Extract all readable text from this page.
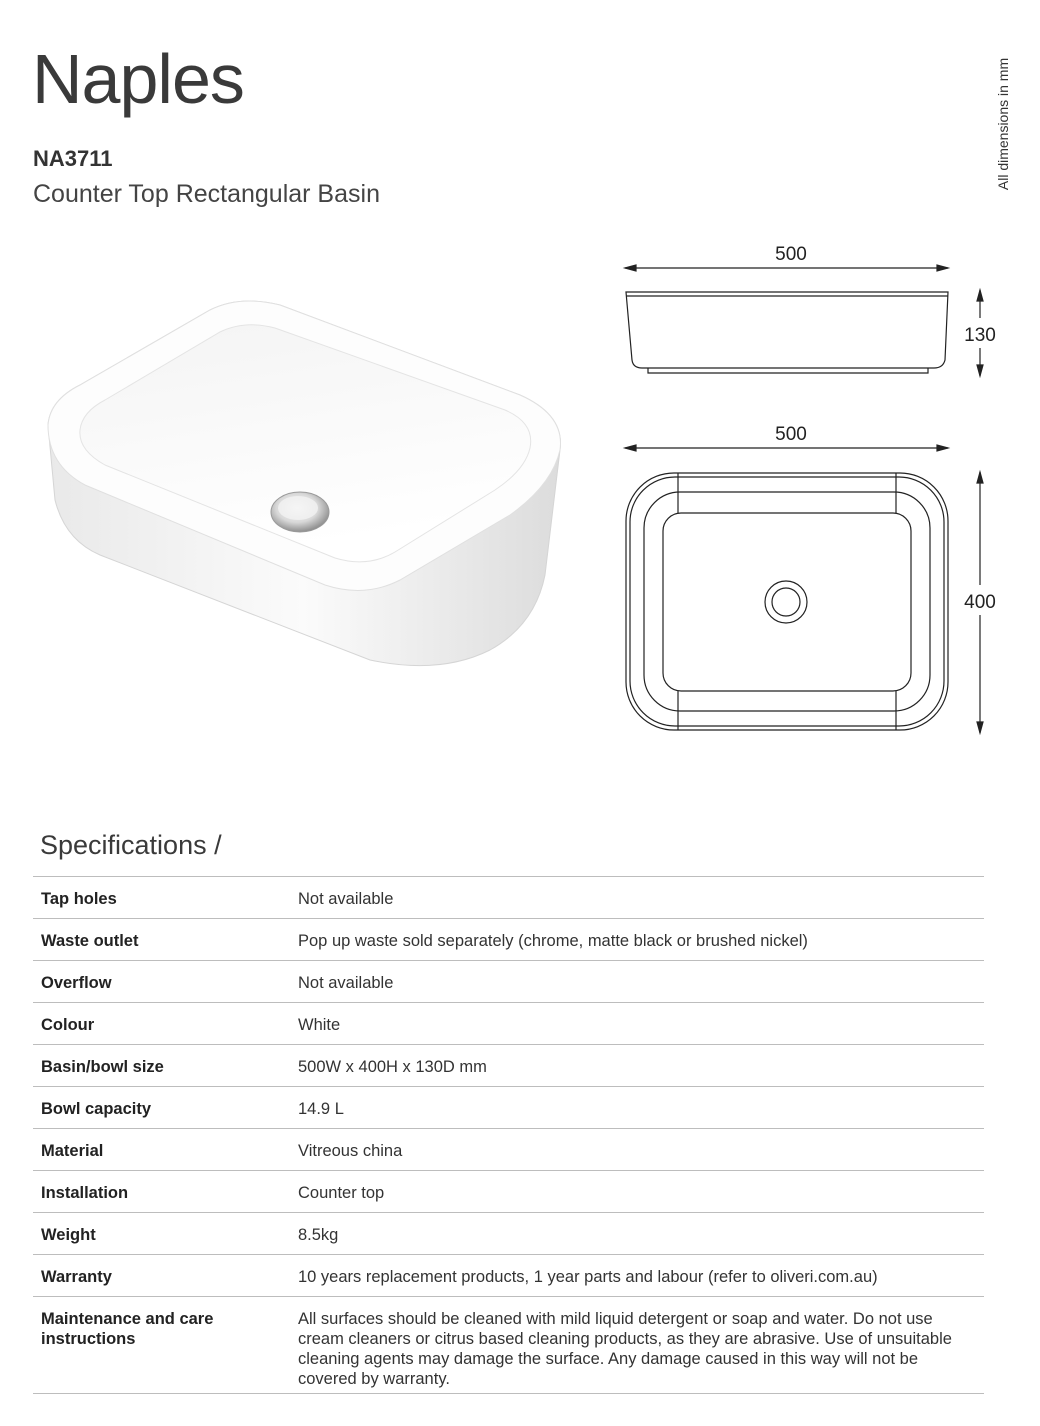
Naples
NA3711
Counter Top Rectangular Basin
All dimensions in mm
500
130
500
400
Specifications /
Tap holes	Not available
Waste outlet	Pop up waste sold separately (chrome, matte black or brushed nickel)
Overflow	Not available
Colour	White
Basin/bowl size	500W x 400H x 130D mm
Bowl capacity	14.9 L
Material	Vitreous china
Installation	Counter top
Weight	8.5kg
Warranty	10 years replacement products, 1 year parts and labour (refer to oliveri.com.au)
Maintenance and care instructions	All surfaces should be cleaned with mild liquid detergent or soap and water. Do not use cream cleaners or citrus based cleaning products, as they are abrasive. Use of unsuitable cleaning agents may damage the surface. Any damage caused in this way will not be covered by warranty.
